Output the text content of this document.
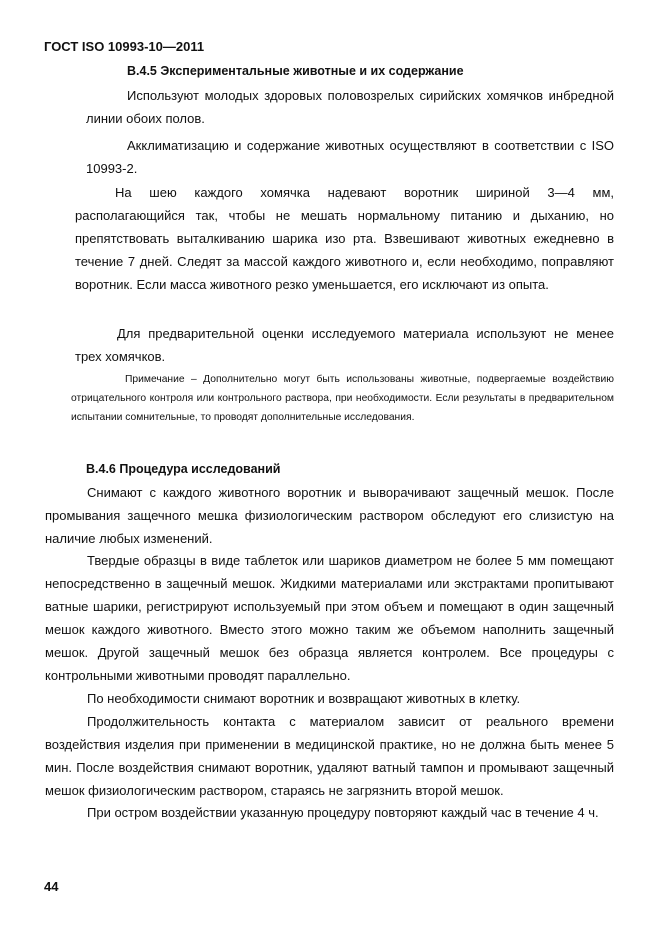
ГОСТ ISO 10993-10—2011

В.4.5 Экспериментальные животные и их содержание

Используют молодых здоровых половозрелых сирийских хомячков инбредной линии обоих полов.

Акклиматизацию и содержание животных осуществляют в соответствии с ISO 10993-2.

На шею каждого хомячка надевают воротник шириной 3—4 мм, располагающийся так, чтобы не мешать нормальному питанию и дыханию, но препятствовать выталкиванию шарика изо рта. Взвешивают животных ежедневно в течение 7 дней. Следят за массой каждого животного и, если необходимо, поправляют воротник. Если масса животного резко уменьшается, его исключают из опыта.

Для предварительной оценки исследуемого материала используют не менее трех хомячков.

Примечание – Дополнительно могут быть использованы животные, подвергаемые воздействию отрицательного контроля или контрольного раствора, при необходимости. Если результаты в предварительном испытании сомнительные, то проводят дополнительные исследования.

В.4.6 Процедура исследований

Снимают с каждого животного воротник и выворачивают защечный мешок. После промывания защечного мешка физиологическим раствором обследуют его слизистую на наличие любых изменений.

Твердые образцы в виде таблеток или шариков диаметром не более 5 мм помещают непосредственно в защечный мешок. Жидкими материалами или экстрактами пропитывают ватные шарики, регистрируют используемый при этом объем и помещают в один защечный мешок каждого животного. Вместо этого можно таким же объемом наполнить защечный мешок. Другой защечный мешок без образца является контролем. Все процедуры с контрольными животными проводят параллельно.

По необходимости снимают воротник и возвращают животных в клетку.

Продолжительность контакта с материалом зависит от реального времени воздействия изделия при применении в медицинской практике, но не должна быть менее 5 мин. После воздействия снимают воротник, удаляют ватный тампон и промывают защечный мешок физиологическим раствором, стараясь не загрязнить второй мешок.

При остром воздействии указанную процедуру повторяют каждый час в течение 4 ч.

44
